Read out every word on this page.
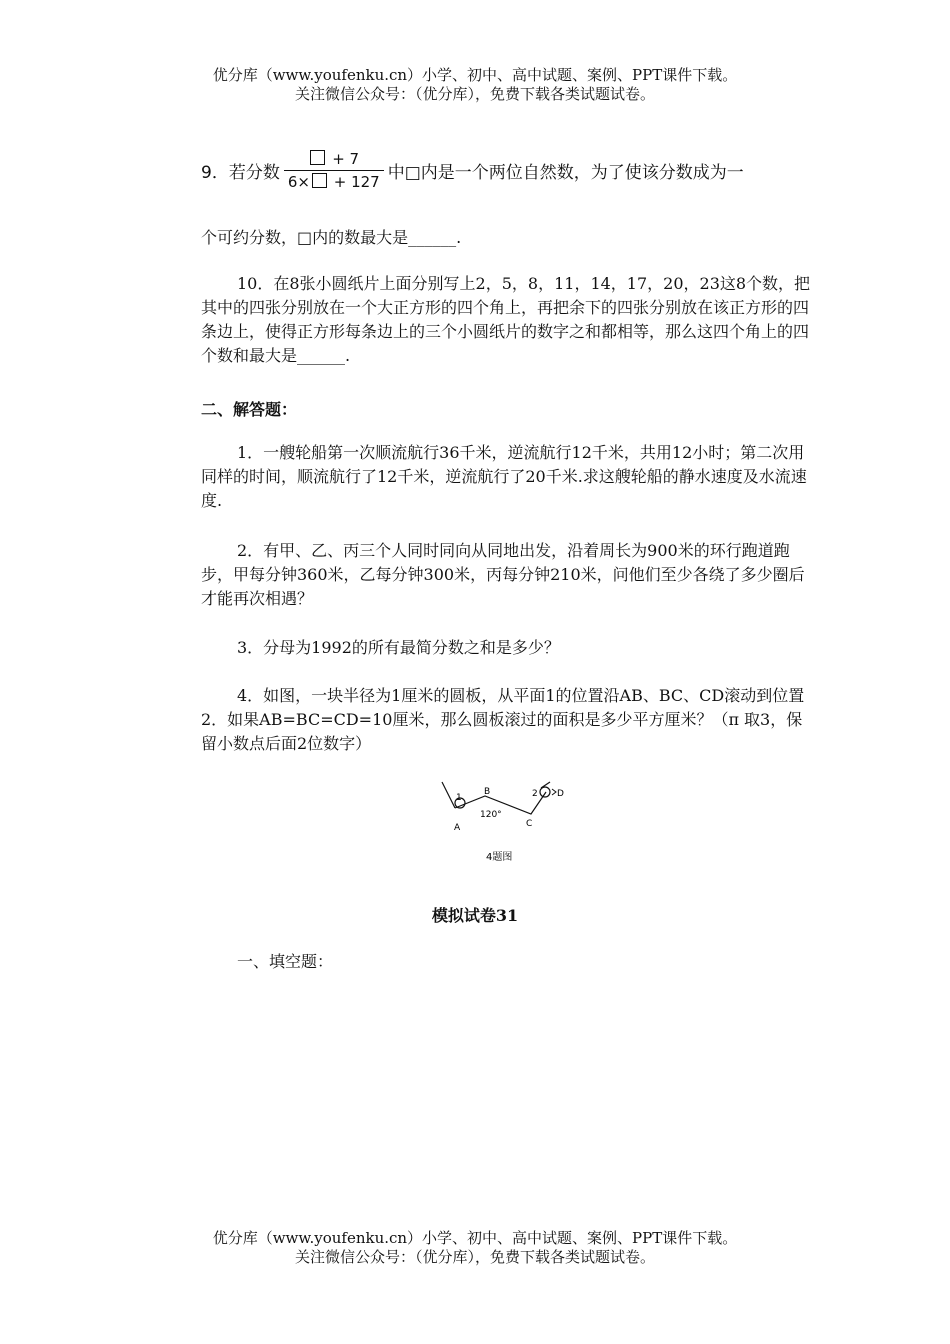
优分库（www.youfenku.cn）小学、初中、高中试题、案例、PPT课件下载。
关注微信公众号：（优分库），免费下载各类试题试卷。
9．若分数 $\frac{+ 7}{6\times + 127}$ 中□内是一个两位自然数，为了使该分数成为一
个可约分数，□内的数最大是______.
10．在8张小圆纸片上面分别写上2，5，8，11，14，17，20，23这8个数，把其中的四张分别放在一个大正方形的四个角上，再把余下的四张分别放在该正方形的四条边上，使得正方形每条边上的三个小圆纸片的数字之和都相等，那么这四个角上的四个数和最大是______.
二、解答题：
1．一艘轮船第一次顺流航行36千米，逆流航行12千米，共用12小时；第二次用同样的时间，顺流航行了12千米，逆流航行了20千米.求这艘轮船的静水速度及水流速度.
2．有甲、乙、丙三个人同时同向从同地出发，沿着周长为900米的环行跑道跑步，甲每分钟360米，乙每分钟300米，丙每分钟210米，问他们至少各绕了多少圈后才能再次相遇？
3．分母为1992的所有最简分数之和是多少？
4．如图，一块半径为1厘米的圆板，从平面1的位置沿AB、BC、CD滚动到位置2．如果AB=BC=CD=10厘米，那么圆板滚过的面积是多少平方厘米？（π 取3，保留小数点后面2位数字）
1
A
B
120°
C
2 D
4题图
模拟试卷31
一、填空题：
优分库（www.youfenku.cn）小学、初中、高中试题、案例、PPT课件下载。
关注微信公众号：（优分库），免费下载各类试题试卷。
